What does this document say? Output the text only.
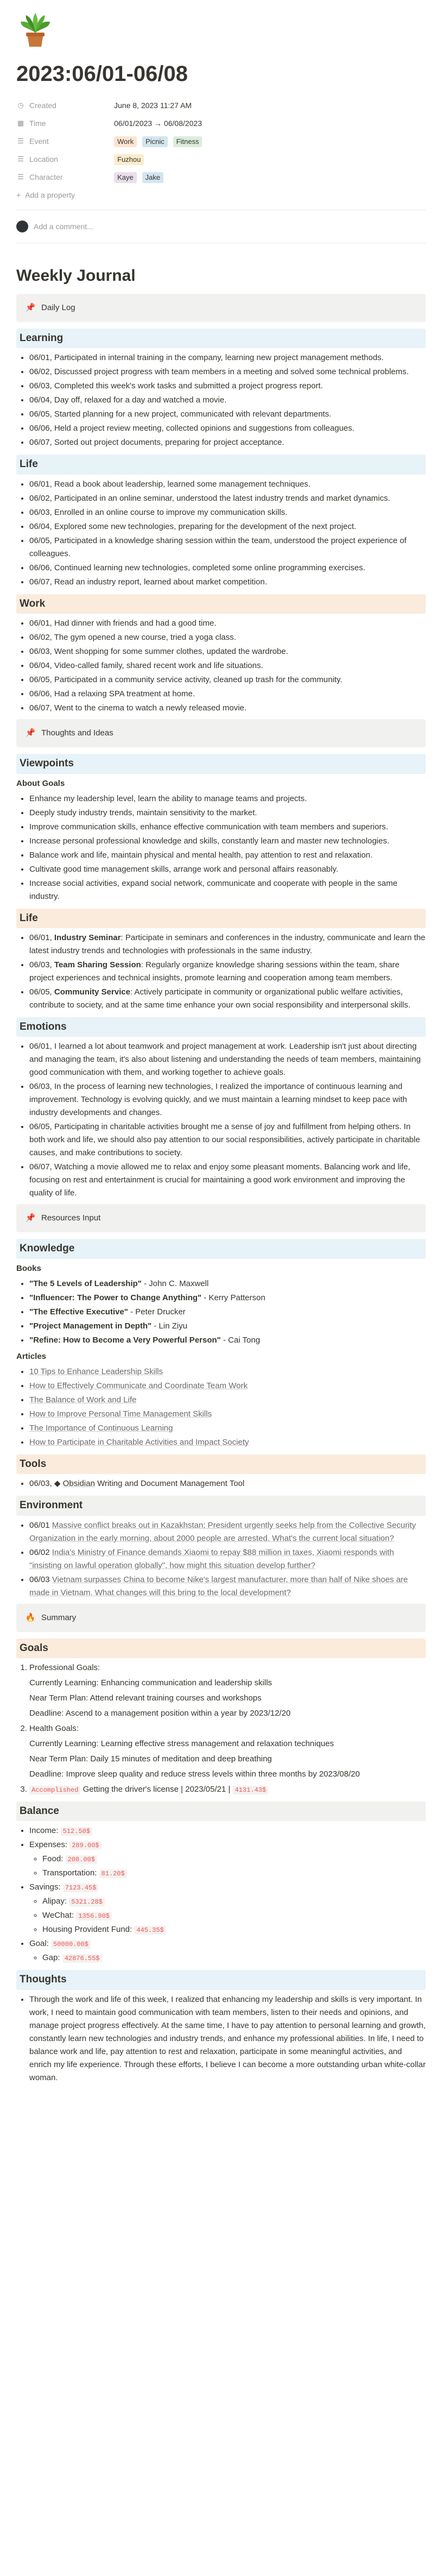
2023:06/01-06/08
◷ Created	June 8, 2023 11:27 AM
▦ Time	06/01/2023 → 06/08/2023
☰ Event	Work Picnic Fitness
☰ Location	Fuzhou
☰ Character	Kaye Jake
+ Add a property
Add a comment...
Weekly Journal
📌 Daily Log
Learning
• 06/01, Participated in internal training in the company, learning new project management methods.
• 06/02, Discussed project progress with team members in a meeting and solved some technical problems.
• 06/03, Completed this week's work tasks and submitted a project progress report.
• 06/04, Day off, relaxed for a day and watched a movie.
• 06/05, Started planning for a new project, communicated with relevant departments.
• 06/06, Held a project review meeting, collected opinions and suggestions from colleagues.
• 06/07, Sorted out project documents, preparing for project acceptance.
Life
• 06/01, Read a book about leadership, learned some management techniques.
• 06/02, Participated in an online seminar, understood the latest industry trends and market dynamics.
• 06/03, Enrolled in an online course to improve my communication skills.
• 06/04, Explored some new technologies, preparing for the development of the next project.
• 06/05, Participated in a knowledge sharing session within the team, understood the project experience of colleagues.
• 06/06, Continued learning new technologies, completed some online programming exercises.
• 06/07, Read an industry report, learned about market competition.
Work
• 06/01, Had dinner with friends and had a good time.
• 06/02, The gym opened a new course, tried a yoga class.
• 06/03, Went shopping for some summer clothes, updated the wardrobe.
• 06/04, Video-called family, shared recent work and life situations.
• 06/05, Participated in a community service activity, cleaned up trash for the community.
• 06/06, Had a relaxing SPA treatment at home.
• 06/07, Went to the cinema to watch a newly released movie.
📌 Thoughts and Ideas
Viewpoints
About Goals
• Enhance my leadership level, learn the ability to manage teams and projects.
• Deeply study industry trends, maintain sensitivity to the market.
• Improve communication skills, enhance effective communication with team members and superiors.
• Increase personal professional knowledge and skills, constantly learn and master new technologies.
• Balance work and life, maintain physical and mental health, pay attention to rest and relaxation.
• Cultivate good time management skills, arrange work and personal affairs reasonably.
• Increase social activities, expand social network, communicate and cooperate with people in the same industry.
Life
• 06/01, Industry Seminar: Participate in seminars and conferences in the industry, communicate and learn the latest industry trends and technologies with professionals in the same industry.
• 06/03, Team Sharing Session: Regularly organize knowledge sharing sessions within the team, share project experiences and technical insights, promote learning and cooperation among team members.
• 06/05, Community Service: Actively participate in community or organizational public welfare activities, contribute to society, and at the same time enhance your own social responsibility and interpersonal skills.
Emotions
• 06/01, I learned a lot about teamwork and project management at work. Leadership isn't just about directing and managing the team, it's also about listening and understanding the needs of team members, maintaining good communication with them, and working together to achieve goals.
• 06/03, In the process of learning new technologies, I realized the importance of continuous learning and improvement. Technology is evolving quickly, and we must maintain a learning mindset to keep pace with industry developments and changes.
• 06/05, Participating in charitable activities brought me a sense of joy and fulfillment from helping others. In both work and life, we should also pay attention to our social responsibilities, actively participate in charitable causes, and make contributions to society.
• 06/07, Watching a movie allowed me to relax and enjoy some pleasant moments. Balancing work and life, focusing on rest and entertainment is crucial for maintaining a good work environment and improving the quality of life.
📌 Resources Input
Knowledge
Books
• "The 5 Levels of Leadership" - John C. Maxwell
• "Influencer: The Power to Change Anything" - Kerry Patterson
• "The Effective Executive" - Peter Drucker
• "Project Management in Depth" - Lin Ziyu
• "Refine: How to Become a Very Powerful Person" - Cai Tong
Articles
• 10 Tips to Enhance Leadership Skills
• How to Effectively Communicate and Coordinate Team Work
• The Balance of Work and Life
• How to Improve Personal Time Management Skills
• The Importance of Continuous Learning
• How to Participate in Charitable Activities and Impact Society
Tools
• 06/03, ◆ Obsidian Writing and Document Management Tool
Environment
• 06/01 Massive conflict breaks out in Kazakhstan; President urgently seeks help from the Collective Security Organization in the early morning, about 2000 people are arrested. What's the current local situation?
• 06/02 India's Ministry of Finance demands Xiaomi to repay $88 million in taxes, Xiaomi responds with "insisting on lawful operation globally", how might this situation develop further?
• 06/03 Vietnam surpasses China to become Nike's largest manufacturer, more than half of Nike shoes are made in Vietnam. What changes will this bring to the local development?
🔥 Summary
Goals
1. Professional Goals:
Currently Learning: Enhancing communication and leadership skills
Near Term Plan: Attend relevant training courses and workshops
Deadline: Ascend to a management position within a year by 2023/12/20
2. Health Goals:
Currently Learning: Learning effective stress management and relaxation techniques
Near Term Plan: Daily 15 minutes of meditation and deep breathing
Deadline: Improve sleep quality and reduce stress levels within three months by 2023/08/20
3. Accomplished Getting the driver's license | 2023/05/21 | 4131.43$
Balance
• Income: 512.50$
• Expenses: 289.00$
◦ Food: 208.00$
◦ Transportation: 81.20$
• Savings: 7123.45$
◦ Alipay: 5321.28$
◦ WeChat: 1356.90$
◦ Housing Provident Fund: 445.35$
• Goal: 50000.00$
◦ Gap: 42876.55$
Thoughts
• Through the work and life of this week, I realized that enhancing my leadership and skills is very important. In work, I need to maintain good communication with team members, listen to their needs and opinions, and manage project progress effectively. At the same time, I have to pay attention to personal learning and growth, constantly learn new technologies and industry trends, and enhance my professional abilities. In life, I need to balance work and life, pay attention to rest and relaxation, participate in some meaningful activities, and enrich my life experience. Through these efforts, I believe I can become a more outstanding urban white-collar woman.
